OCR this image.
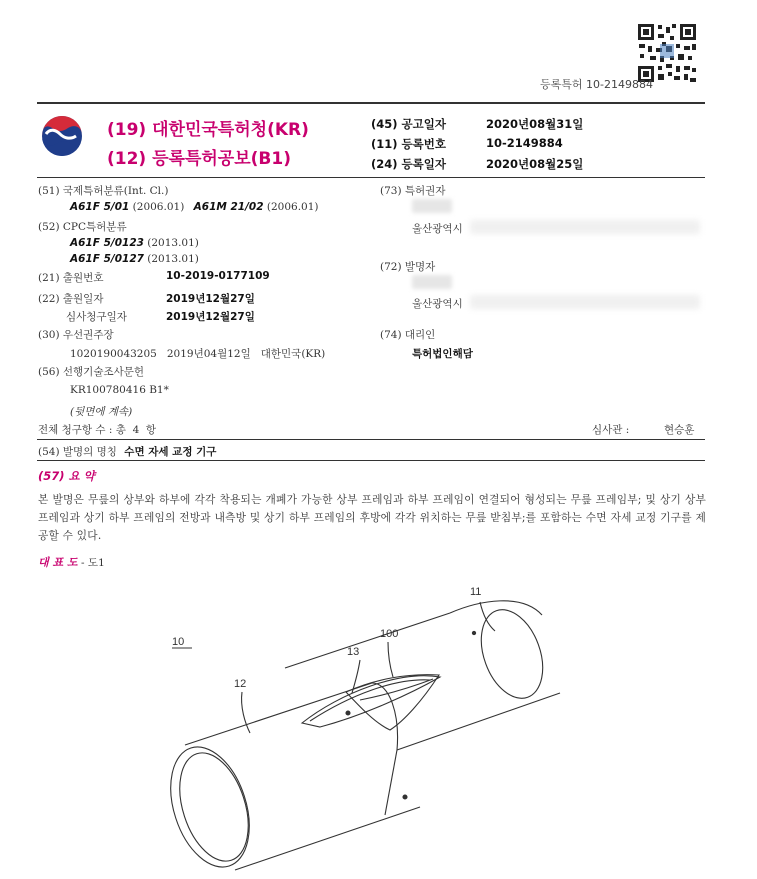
등록특허 10-2149884
(19) 대한민국특허청(KR)
(12) 등록특허공보(B1)
(45) 공고일자	2020년08월31일
(11) 등록번호	10-2149884
(24) 등록일자	2020년08월25일
(51) 국제특허분류(Int. Cl.)
A61F 5/01 (2006.01) A61M 21/02 (2006.01)
(52) CPC특허분류
A61F 5/0123 (2013.01)
A61F 5/0127 (2013.01)
(21) 출원번호	10-2019-0177109
(22) 출원일자	2019년12월27일
심사청구일자	2019년12월27일
(30) 우선권주장
1020190043205   2019년04월12일   대한민국(KR)
(56) 선행기술조사문헌
KR100780416 B1*
(뒷면에 계속)
전체 청구항 수 : 총  4  항
(73) 특허권자
울산광역시
(72) 발명자
울산광역시
(74) 대리인
특허법인해담
심사관 :	현승훈
(54) 발명의 명칭 수면 자세 교정 기구
(57) 요 약
본 발명은 무릎의 상부와 하부에 각각 착용되는 개폐가 가능한 상부 프레임과 하부 프레임이 연결되어 형성되는 무릎 프레임부; 및 상기 상부 프레임과 상기 하부 프레임의 전방과 내측방 및 상기 하부 프레임의 후방에 각각 위치하는 무릎 받침부;를 포함하는 수면 자세 교정 기구를 제공할 수 있다.
대 표 도 - 도1
10
11
12
13
100
